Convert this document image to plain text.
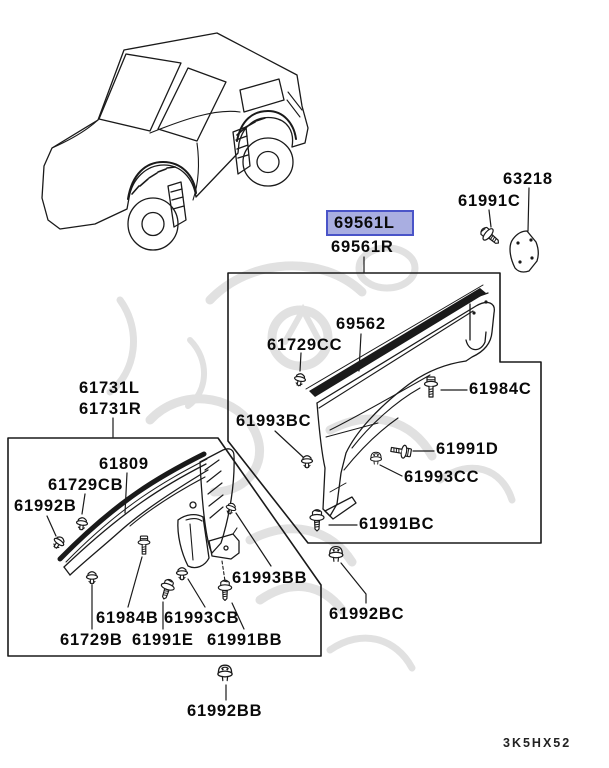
63218
61991C
69561L
69561R
69562
61729CC
61984C
61993BC
61991D
61993CC
61991BC
61731L
61731R
61809
61729CB
61992B
61993BB
61984B 61993CB
61729B 61991E 61991BB
61992BC
61992BB
3K5HX52
